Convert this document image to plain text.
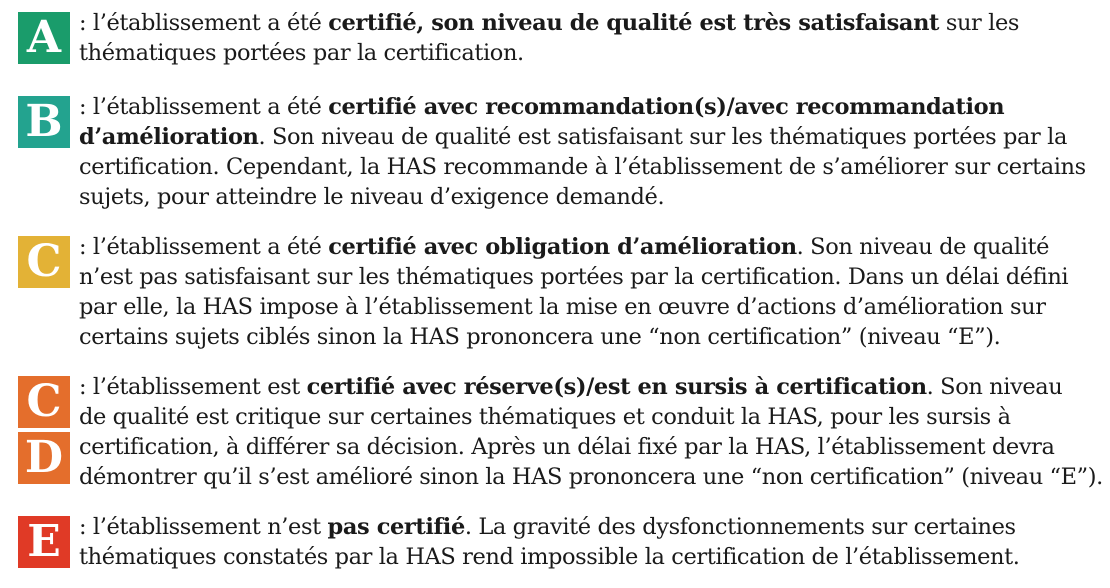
A : l’établissement a été certifié, son niveau de qualité est très satisfaisant sur les
thématiques portées par la certification.
B : l’établissement a été certifié avec recommandation(s)/avec recommandation
d’amélioration. Son niveau de qualité est satisfaisant sur les thématiques portées par la
certification. Cependant, la HAS recommande à l’établissement de s’améliorer sur certains
sujets, pour atteindre le niveau d’exigence demandé.
C : l’établissement a été certifié avec obligation d’amélioration. Son niveau de qualité
n’est pas satisfaisant sur les thématiques portées par la certification. Dans un délai défini
par elle, la HAS impose à l’établissement la mise en œuvre d’actions d’amélioration sur
certains sujets ciblés sinon la HAS prononcera une “non certification” (niveau “E”).
C
D
: l’établissement est certifié avec réserve(s)/est en sursis à certification. Son niveau
de qualité est critique sur certaines thématiques et conduit la HAS, pour les sursis à
certification, à différer sa décision. Après un délai fixé par la HAS, l’établissement devra
démontrer qu’il s’est amélioré sinon la HAS prononcera une “non certification” (niveau “E”).
E : l’établissement n’est pas certifié. La gravité des dysfonctionnements sur certaines
thématiques constatés par la HAS rend impossible la certification de l’établissement.
